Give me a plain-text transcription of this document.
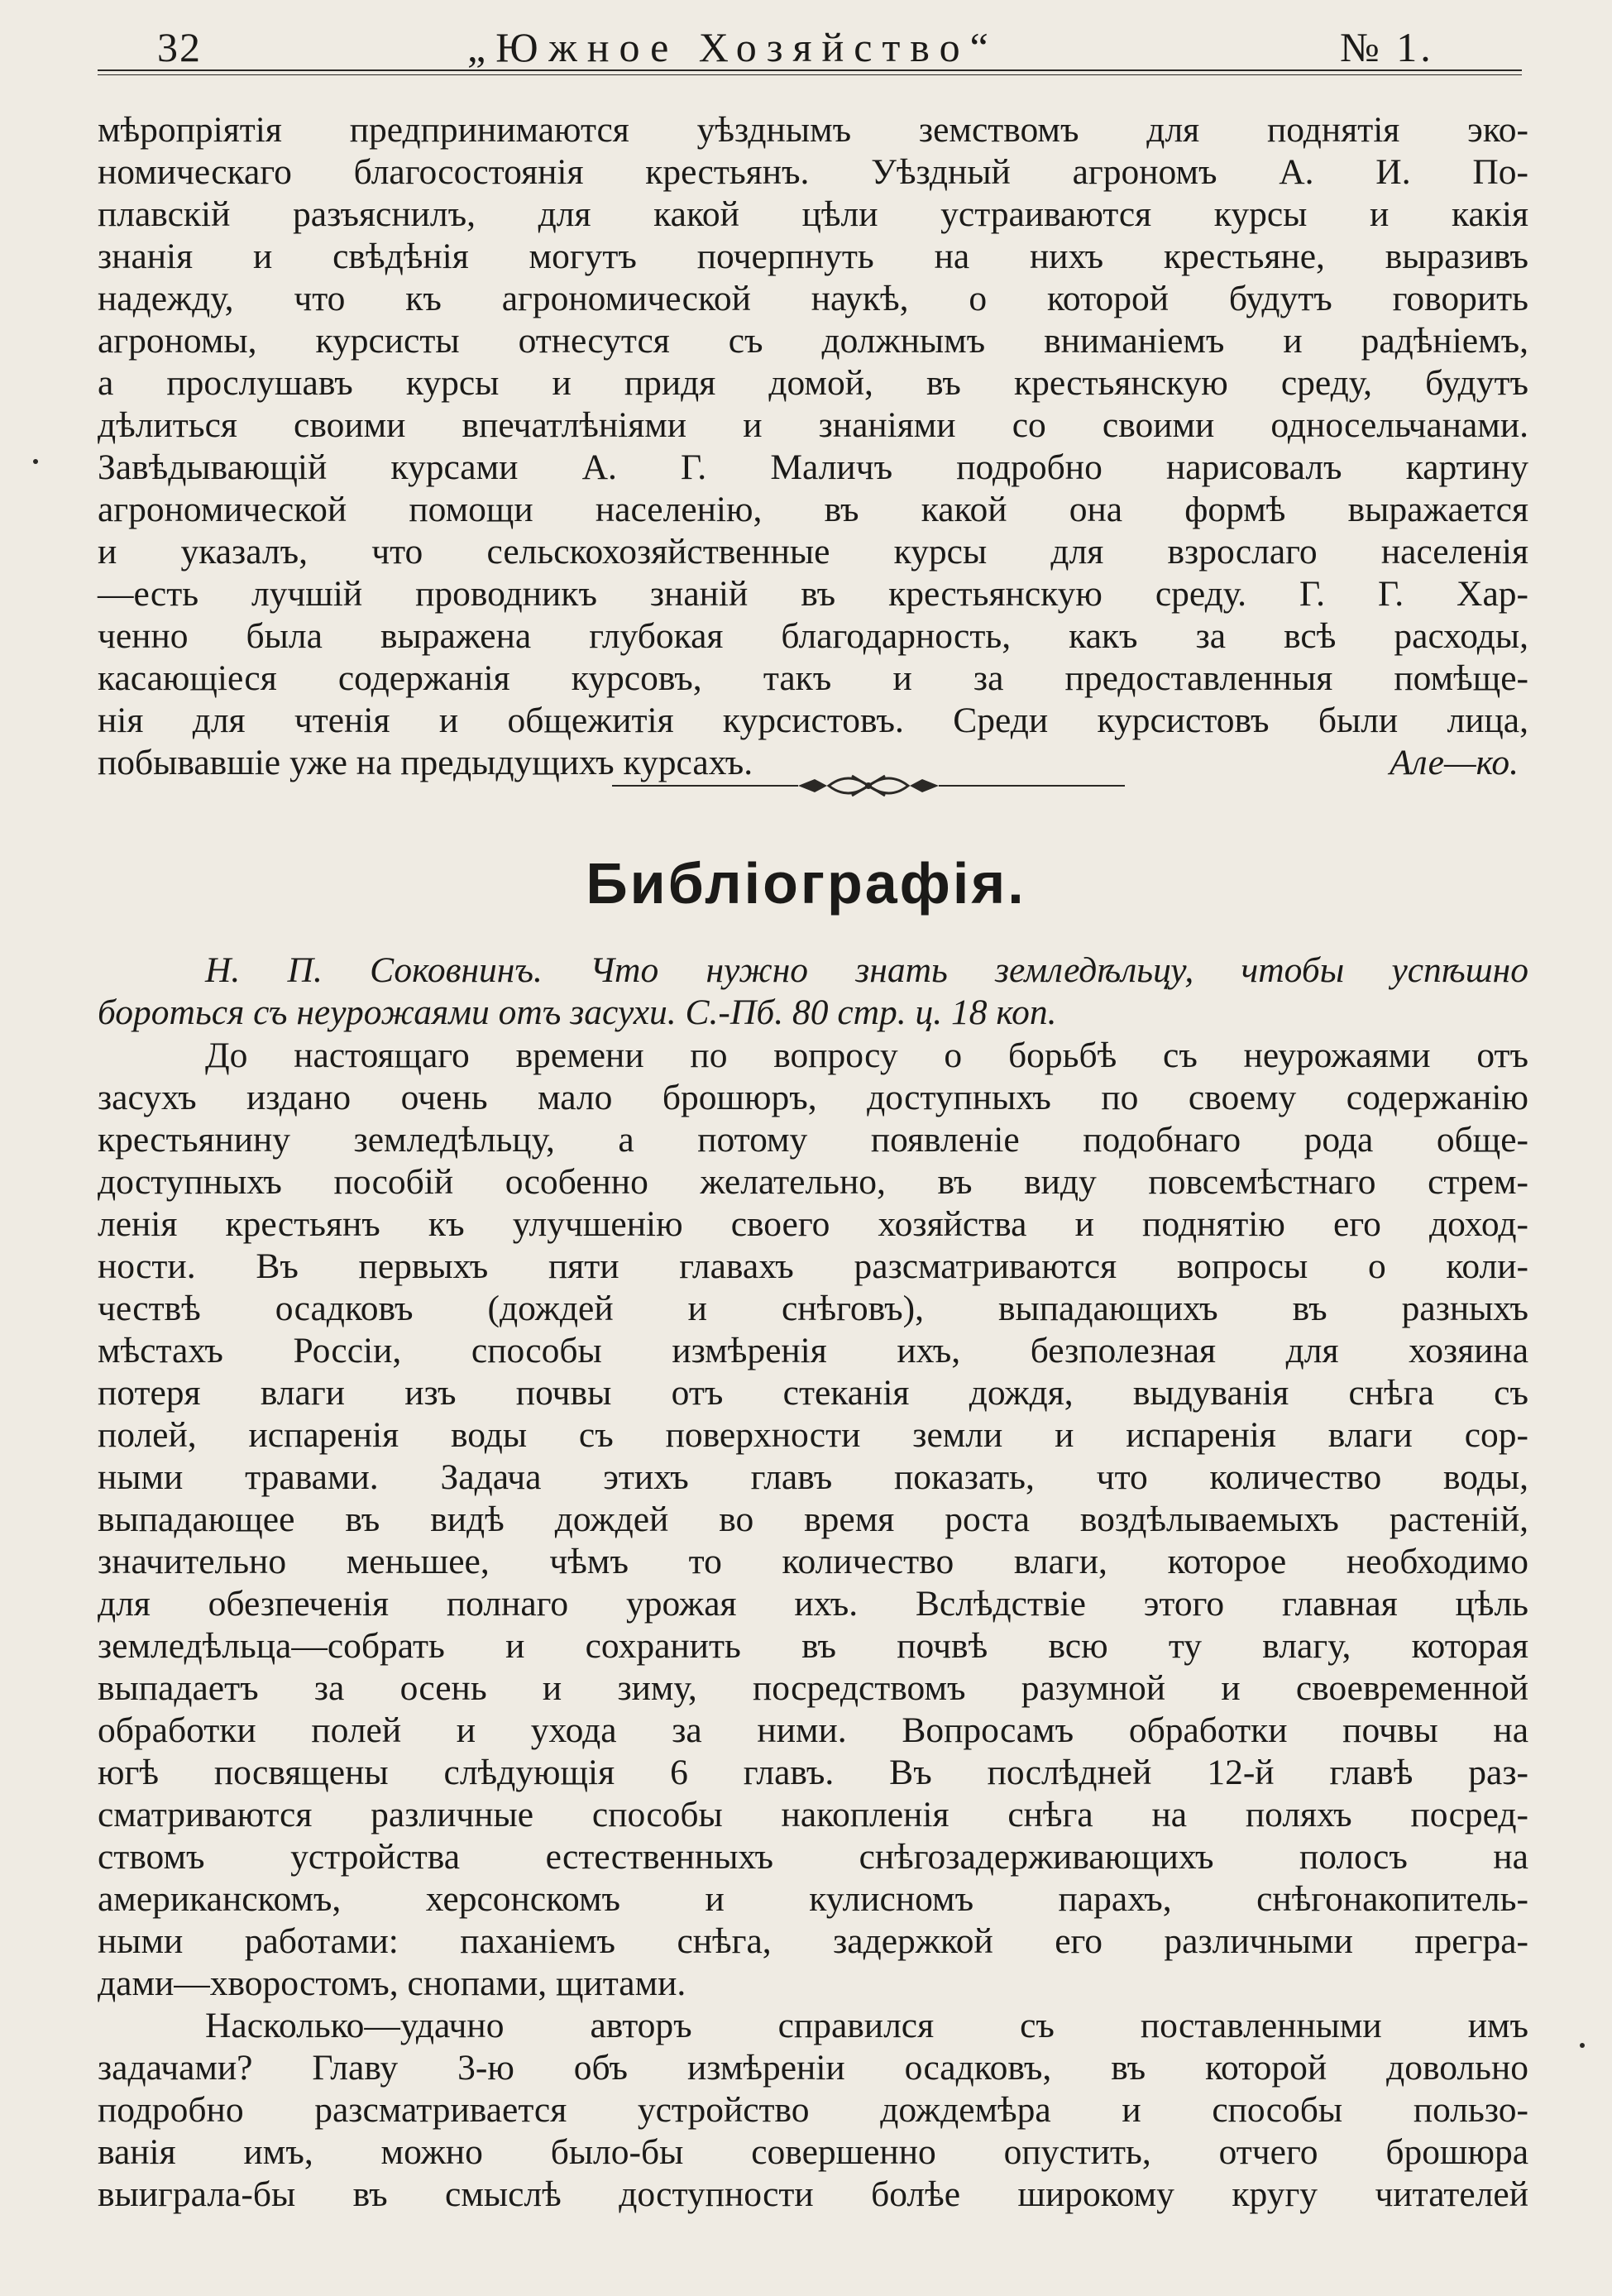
32	„Южное Хозяйство“	№ 1.
мѣропріятія предпринимаются уѣзднымъ земствомъ для поднятія эко-
номическаго благосостоянія крестьянъ. Уѣздный агрономъ А. И. По-
плавскій разъяснилъ, для какой цѣли устраиваются курсы и какія
знанія и свѣдѣнія могутъ почерпнуть на нихъ крестьяне, выразивъ
надежду, что къ агрономической наукѣ, о которой будутъ говорить
агрономы, курсисты отнесутся съ должнымъ вниманіемъ и радѣніемъ,
а прослушавъ курсы и придя домой, въ крестьянскую среду, будутъ
дѣлиться своими впечатлѣніями и знаніями со своими односельчанами.
Завѣдывающій курсами А. Г. Маличъ подробно нарисовалъ картину
агрономической помощи населенію, въ какой она формѣ выражается
и указалъ, что сельскохозяйственные курсы для взрослаго населенія
—есть лучшій проводникъ знаній въ крестьянскую среду. Г. Г. Хар-
ченно была выражена глубокая благодарность, какъ за всѣ расходы,
касающіеся содержанія курсовъ, такъ и за предоставленныя помѣще-
нія для чтенія и общежитія курсистовъ. Среди курсистовъ были лица,
побывавшіе уже на предыдущихъ курсахъ.	Але—ко.
Библіографія.
Н. П. Соковнинъ. Что нужно знать земледѣльцу, чтобы успѣшно
бороться съ неурожаями отъ засухи. С.-Пб. 80 стр. ц. 18 коп.
До настоящаго времени по вопросу о борьбѣ съ неурожаями отъ
засухъ издано очень мало брошюръ, доступныхъ по своему содержанію
крестьянину земледѣльцу, а потому появленіе подобнаго рода обще-
доступныхъ пособій особенно желательно, въ виду повсемѣстнаго стрем-
ленія крестьянъ къ улучшенію своего хозяйства и поднятію его доход-
ности. Въ первыхъ пяти главахъ разсматриваются вопросы о коли-
чествѣ осадковъ (дождей и снѣговъ), выпадающихъ въ разныхъ
мѣстахъ Россіи, способы измѣренія ихъ, безполезная для хозяина
потеря влаги изъ почвы отъ стеканія дождя, выдуванія снѣга съ
полей, испаренія воды съ поверхности земли и испаренія влаги сор-
ными травами. Задача этихъ главъ показать, что количество воды,
выпадающее въ видѣ дождей во время роста воздѣлываемыхъ растеній,
значительно меньшее, чѣмъ то количество влаги, которое необходимо
для обезпеченія полнаго урожая ихъ. Вслѣдствіе этого главная цѣль
земледѣльца—собрать и сохранить въ почвѣ всю ту влагу, которая
выпадаетъ за осень и зиму, посредствомъ разумной и своевременной
обработки полей и ухода за ними. Вопросамъ обработки почвы на
югѣ посвящены слѣдующія 6 главъ. Въ послѣдней 12-й главѣ раз-
сматриваются различные способы накопленія снѣга на поляхъ посред-
ствомъ устройства естественныхъ снѣгозадерживающихъ полосъ на
американскомъ, херсонскомъ и кулисномъ парахъ, снѣгонакопитель-
ными работами: паханіемъ снѣга, задержкой его различными прегра-
дами—хворостомъ, снопами, щитами.
Насколько—удачно авторъ справился съ поставленными имъ
задачами? Главу 3-ю объ измѣреніи осадковъ, въ которой довольно
подробно разсматривается устройство дождемѣра и способы пользо-
ванія имъ, можно было-бы совершенно опустить, отчего брошюра
выиграла-бы въ смыслѣ доступности болѣе широкому кругу читателей
